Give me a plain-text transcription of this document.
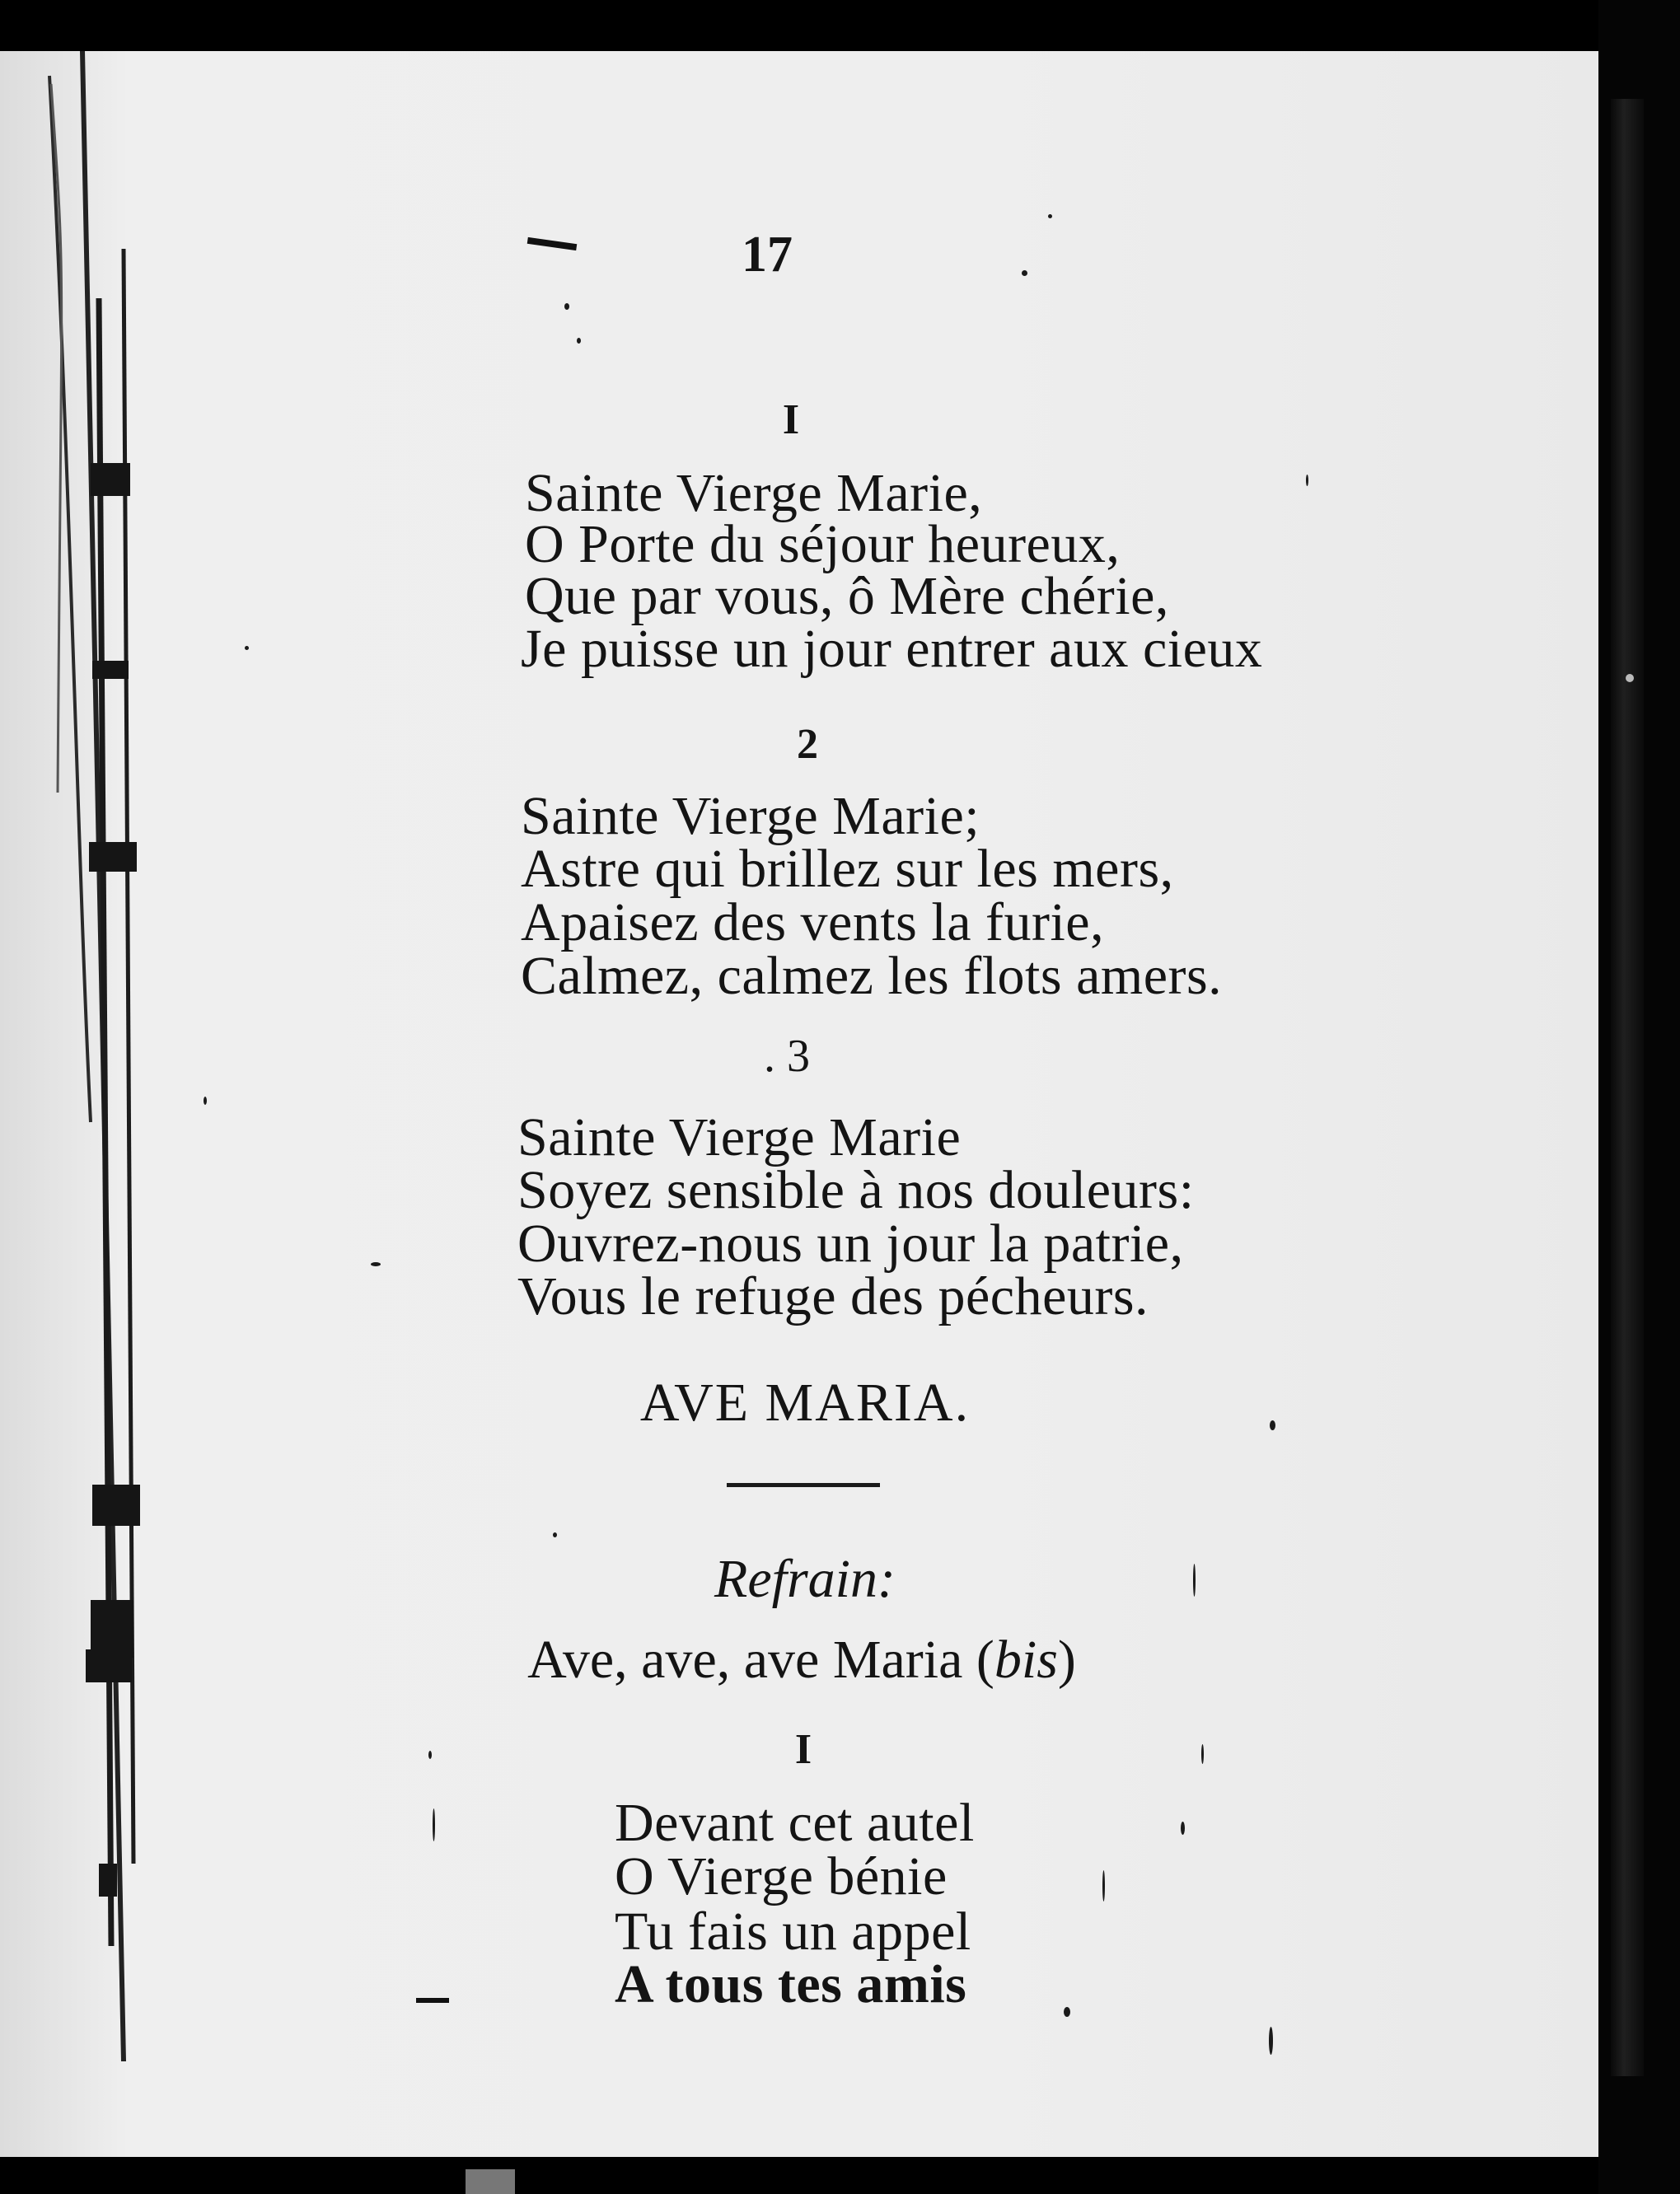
17
I
Sainte Vierge Marie,
O Porte du séjour heureux,
Que par vous, ô Mère chérie,
Je puisse un jour entrer aux cieux
2
Sainte Vierge Marie;
Astre qui brillez sur les mers,
Apaisez des vents la furie,
Calmez, calmez les flots amers.
. 3
Sainte Vierge Marie
Soyez sensible à nos douleurs:
Ouvrez-nous un jour la patrie,
Vous le refuge des pécheurs.
AVE MARIA.
Refrain:
Ave, ave, ave Maria (bis)
I
Devant cet autel
O Vierge bénie
Tu fais un appel
A tous tes amis
